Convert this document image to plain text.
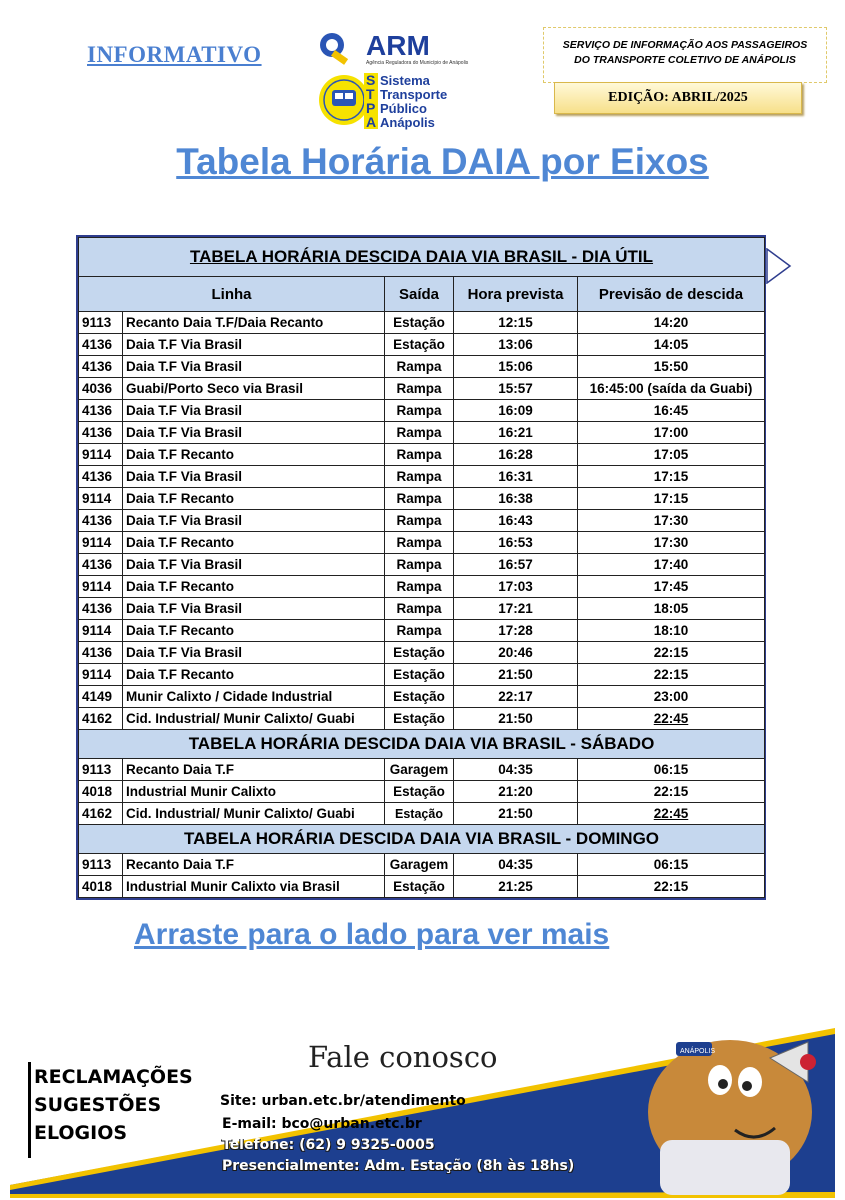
INFORMATIVO	ARM
Agência Reguladora do Município de Anápolis
S
T
P
A
Sistema
Transporte
Público
Anápolis
SERVIÇO DE INFORMAÇÃO AOS PASSAGEIROS
DO TRANSPORTE COLETIVO DE ANÁPOLIS
EDIÇÃO: ABRIL/2025
Tabela Horária DAIA por Eixos
TABELA HORÁRIA DESCIDA DAIA VIA BRASIL - DIA ÚTIL				
Linha		Saída	Hora prevista	Previsão de descida
9113	Recanto Daia T.F/Daia Recanto	Estação	12:15	14:20
4136	Daia T.F Via Brasil	Estação	13:06	14:05
4136	Daia T.F Via Brasil	Rampa	15:06	15:50
4036	Guabi/Porto Seco via Brasil	Rampa	15:57	16:45:00 (saída da Guabi)
4136	Daia T.F Via Brasil	Rampa	16:09	16:45
4136	Daia T.F Via Brasil	Rampa	16:21	17:00
9114	Daia T.F Recanto	Rampa	16:28	17:05
4136	Daia T.F Via Brasil	Rampa	16:31	17:15
9114	Daia T.F Recanto	Rampa	16:38	17:15
4136	Daia T.F Via Brasil	Rampa	16:43	17:30
9114	Daia T.F Recanto	Rampa	16:53	17:30
4136	Daia T.F Via Brasil	Rampa	16:57	17:40
9114	Daia T.F Recanto	Rampa	17:03	17:45
4136	Daia T.F Via Brasil	Rampa	17:21	18:05
9114	Daia T.F Recanto	Rampa	17:28	18:10
4136	Daia T.F Via Brasil	Estação	20:46	22:15
9114	Daia T.F Recanto	Estação	21:50	22:15
4149	Munir Calixto / Cidade Industrial	Estação	22:17	23:00
4162	Cid. Industrial/ Munir Calixto/ Guabi	Estação	21:50	22:45
TABELA HORÁRIA DESCIDA DAIA VIA BRASIL - SÁBADO				
9113	Recanto Daia T.F	Garagem	04:35	06:15
4018	Industrial Munir Calixto	Estação	21:20	22:15
4162	Cid. Industrial/ Munir Calixto/ Guabi	Estação	21:50	22:45
TABELA HORÁRIA DESCIDA DAIA VIA BRASIL - DOMINGO				
9113	Recanto Daia T.F	Garagem	04:35	06:15
4018	Industrial Munir Calixto via Brasil	Estação	21:25	22:15
Arraste para o lado para ver mais
ANÁPOLIS
RECLAMAÇÕES
SUGESTÕES
ELOGIOS
Fale conosco
Site: urban.etc.br/atendimento
E-mail: bco@urban.etc.br
Telefone: (62) 9 9325-0005
Presencialmente: Adm. Estação (8h às 18hs)
